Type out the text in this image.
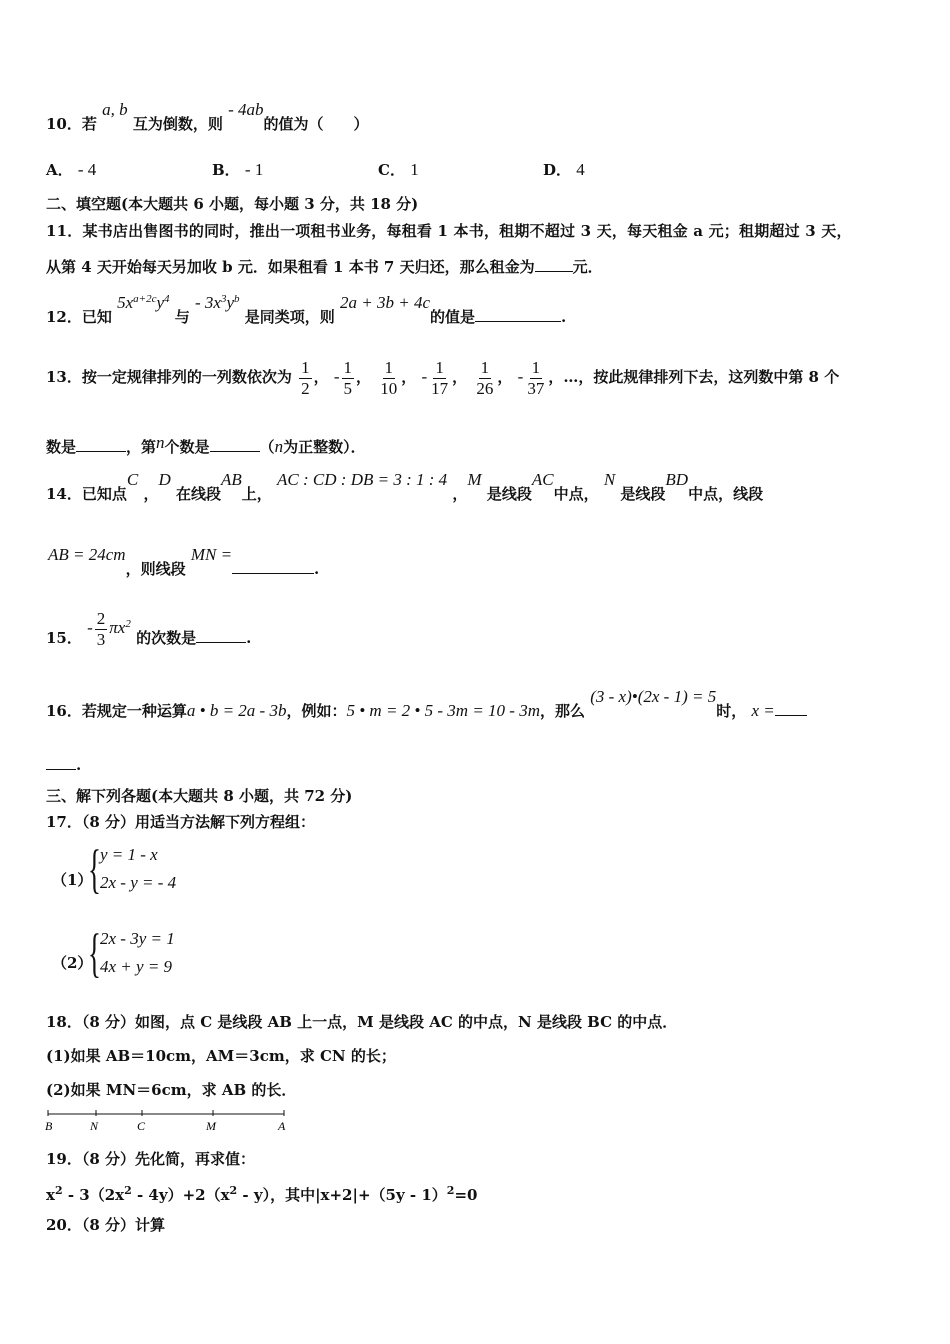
10．若 a, b 互为倒数，则 - 4ab的值为（　　）
A． - 4	B． - 1	C． 1	D． 4
二、填空题(本大题共 6 小题，每小题 3 分，共 18 分)
11．某书店出售图书的同时，推出一项租书业务，每租看 1 本书，租期不超过 3 天，每天租金 a 元；租期超过 3 天，
从第 4 天开始每天另加收 b 元．如果租看 1 本书 7 天归还，那么租金为	元．
12．已知 $5x^{a+2c}y^4$ 与 - $3x^3y^b$ 是同类项，则 2a + 3b + 4c的值是	.
13．按一定规律排列的一列数依次为 $\frac{1}{2}$ ， - $\frac{1}{5}$ ， $\frac{1}{10}$ ， - $\frac{1}{17}$ ， $\frac{1}{26}$ ， - $\frac{1}{37}$ ，…，按此规律排列下去，这列数中第 8 个
数是	，第n个数是	（n为正整数）．
14．已知点C ，D 在线段AB上， AC : CD : DB = 3 : 1 : 4 ，M 是线段AC中点， N 是线段BD中点，线段
AB = 24cm，则线段 MN =.
15． - $\frac{2}{3} \pi x^2$ 的次数是	.
16．若规定一种运算a • b = 2a - 3b，例如：5 • m = 2 • 5 - 3m = 10 - 3m，那么 (3 - x)•(2x - 1) = 5时， x =
.
三、解下列各题(本大题共 8 小题，共 72 分)
17．（8 分）用适当方法解下列方程组：
（1）
{ y = 1 - x
2x - y = - 4
（2）
{ 2x - 3y = 1
4x + y = 9
18．（8 分）如图，点 C 是线段 AB 上一点，M 是线段 AC 的中点，N 是线段 BC 的中点．
(1)如果 AB＝10cm，AM＝3cm，求 CN 的长；
(2)如果 MN＝6cm，求 AB 的长．
B	N	C	M	A
19．（8 分）先化简，再求值：
$x^2 - 3(2x^2 - 4y)+2(x^2 - y)$，其中|x+2|+（5y - 1）$^2$=0
20．（8 分）计算
